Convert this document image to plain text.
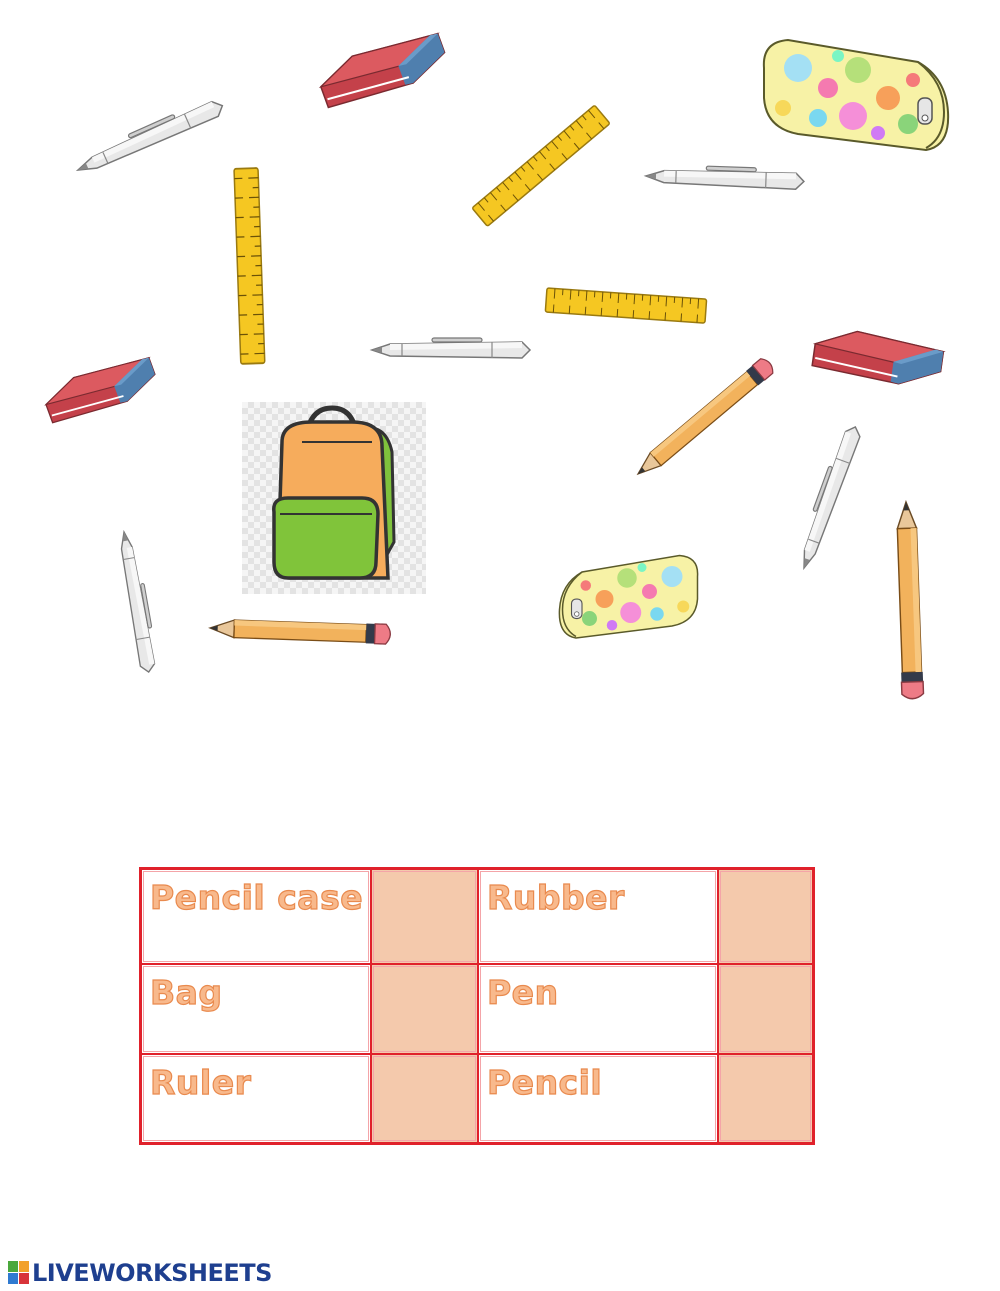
Pencil case	Rubber
Bag	Pen
Ruler	Pencil
LIVEWORKSHEETS
